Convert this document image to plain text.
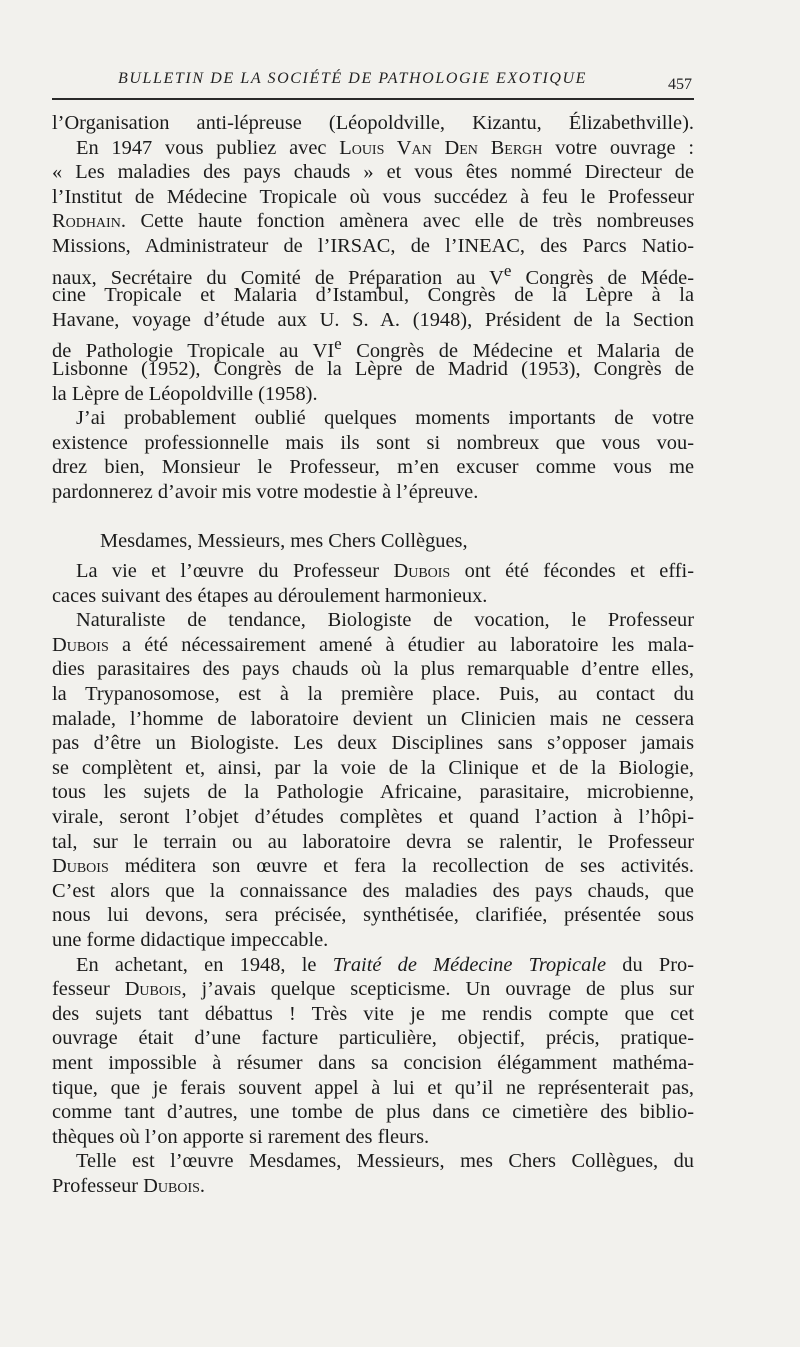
BULLETIN DE LA SOCIÉTÉ DE PATHOLOGIE EXOTIQUE	457
l’Organisation anti-lépreuse (Léopoldville, Kizantu, Élizabethville).
En 1947 vous publiez avec Louis Van Den Bergh votre ouvrage :
« Les maladies des pays chauds » et vous êtes nommé Directeur de
l’Institut de Médecine Tropicale où vous succédez à feu le Professeur
Rodhain. Cette haute fonction amènera avec elle de très nombreuses
Missions, Administrateur de l’IRSAC, de l’INEAC, des Parcs Natio-
naux, Secrétaire du Comité de Préparation au Ve Congrès de Méde-
cine Tropicale et Malaria d’Istambul, Congrès de la Lèpre à la
Havane, voyage d’étude aux U. S. A. (1948), Président de la Section
de Pathologie Tropicale au VIe Congrès de Médecine et Malaria de
Lisbonne (1952), Congrès de la Lèpre de Madrid (1953), Congrès de
la Lèpre de Léopoldville (1958).
J’ai probablement oublié quelques moments importants de votre
existence professionnelle mais ils sont si nombreux que vous vou-
drez bien, Monsieur le Professeur, m’en excuser comme vous me
pardonnerez d’avoir mis votre modestie à l’épreuve.
Mesdames, Messieurs, mes Chers Collègues,
La vie et l’œuvre du Professeur Dubois ont été fécondes et effi-
caces suivant des étapes au déroulement harmonieux.
Naturaliste de tendance, Biologiste de vocation, le Professeur
Dubois a été nécessairement amené à étudier au laboratoire les mala-
dies parasitaires des pays chauds où la plus remarquable d’entre elles,
la Trypanosomose, est à la première place. Puis, au contact du
malade, l’homme de laboratoire devient un Clinicien mais ne cessera
pas d’être un Biologiste. Les deux Disciplines sans s’opposer jamais
se complètent et, ainsi, par la voie de la Clinique et de la Biologie,
tous les sujets de la Pathologie Africaine, parasitaire, microbienne,
virale, seront l’objet d’études complètes et quand l’action à l’hôpi-
tal, sur le terrain ou au laboratoire devra se ralentir, le Professeur
Dubois méditera son œuvre et fera la recollection de ses activités.
C’est alors que la connaissance des maladies des pays chauds, que
nous lui devons, sera précisée, synthétisée, clarifiée, présentée sous
une forme didactique impeccable.
En achetant, en 1948, le Traité de Médecine Tropicale du Pro-
fesseur Dubois, j’avais quelque scepticisme. Un ouvrage de plus sur
des sujets tant débattus ! Très vite je me rendis compte que cet
ouvrage était d’une facture particulière, objectif, précis, pratique-
ment impossible à résumer dans sa concision élégamment mathéma-
tique, que je ferais souvent appel à lui et qu’il ne représenterait pas,
comme tant d’autres, une tombe de plus dans ce cimetière des biblio-
thèques où l’on apporte si rarement des fleurs.
Telle est l’œuvre Mesdames, Messieurs, mes Chers Collègues, du
Professeur Dubois.
